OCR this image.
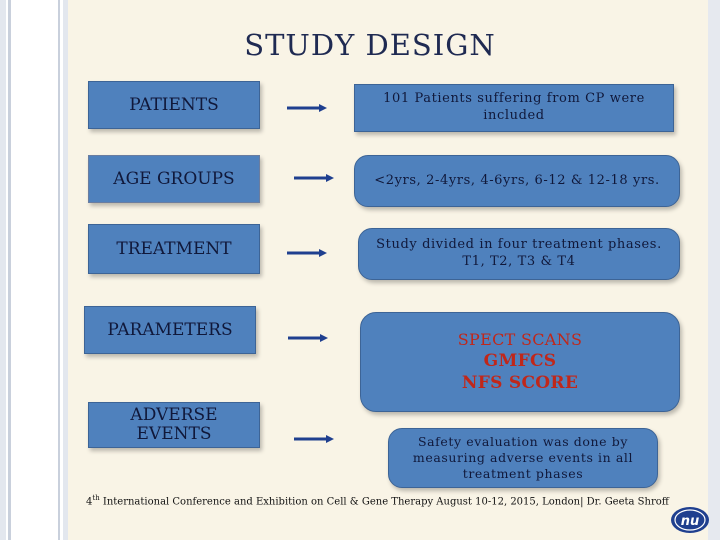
STUDY DESIGN
PATIENTS	101 Patients suffering from CP were
included
AGE GROUPS	<2yrs, 2-4yrs, 4-6yrs, 6-12 & 12-18 yrs.
TREATMENT	Study divided in four treatment phases.
T1, T2, T3 & T4
PARAMETERS	SPECT SCANS
GMFCS
NFS SCORE
ADVERSE
EVENTS	Safety evaluation was done by
measuring adverse events in all
treatment phases
4th International Conference and Exhibition on Cell & Gene Therapy August 10-12, 2015, London| Dr. Geeta Shroff
nu
